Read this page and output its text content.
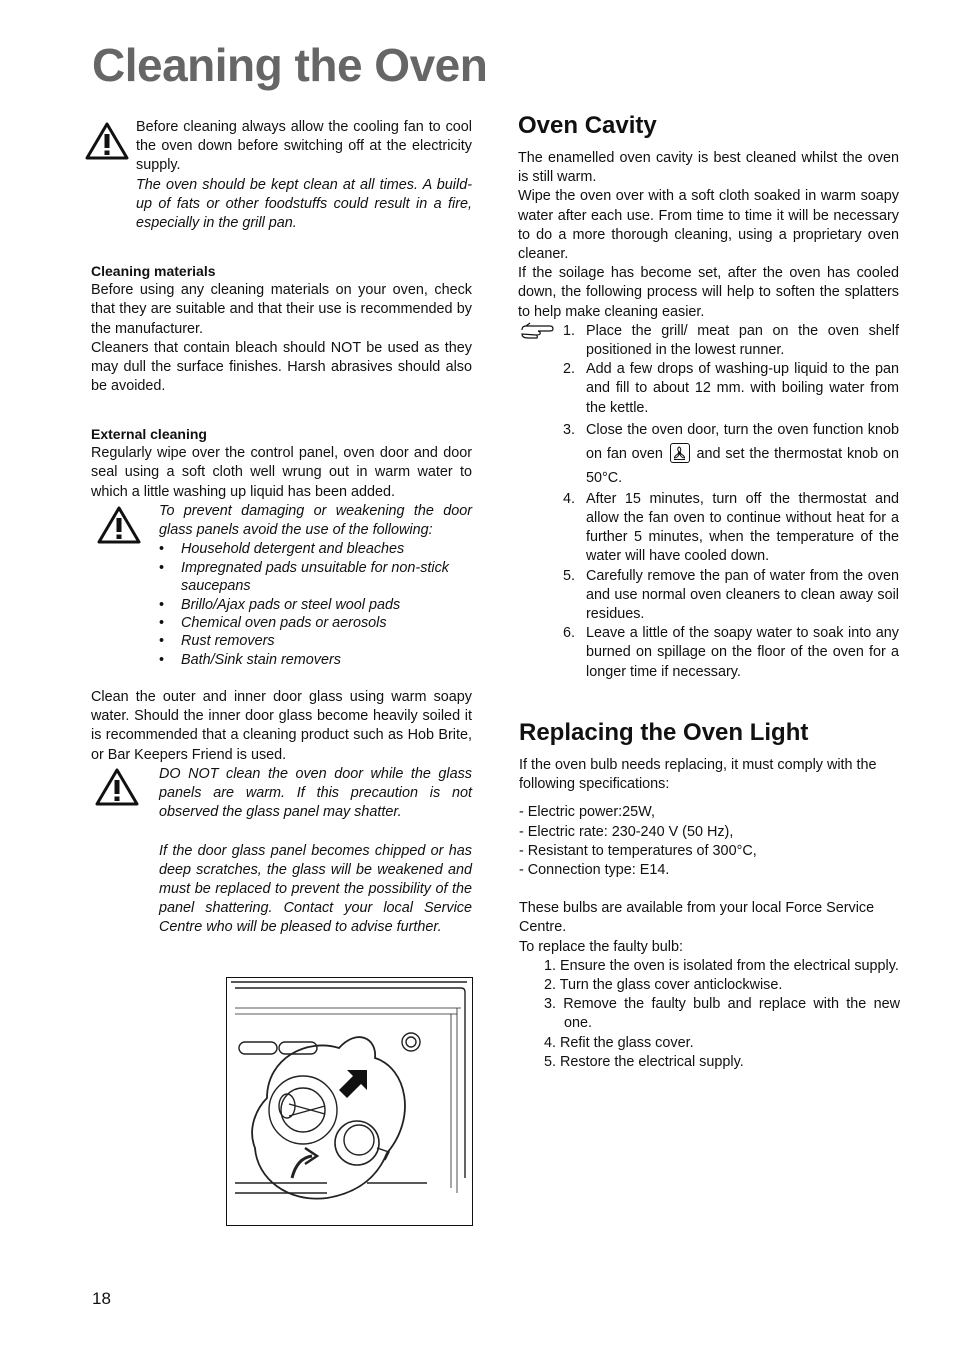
Cleaning the Oven

Before cleaning always allow the cooling fan to cool the oven down before switching off at the electricity supply.

The oven should be kept clean at all times. A build-up of fats or other foodstuffs could result in a fire, especially in the grill pan.

Cleaning materials

Before using any cleaning materials on your oven, check that they are suitable and that their use is recommended by the manufacturer.

Cleaners that contain bleach should NOT be used as they may dull the surface finishes. Harsh abrasives should also be avoided.

External cleaning

Regularly wipe over the control panel, oven door and door seal using a soft cloth well wrung out in warm water to which a little washing up liquid has been added.

To prevent damaging or weakening the door glass panels avoid the use of the following:

• Household detergent and bleaches
• Impregnated pads unsuitable for non-stick saucepans
• Brillo/Ajax pads or steel wool pads
• Chemical oven pads or aerosols
• Rust removers
• Bath/Sink stain removers

Clean the outer and inner door glass using warm soapy water. Should the inner door glass become heavily soiled it is recommended that a cleaning product such as Hob Brite, or Bar Keepers Friend is used.

DO NOT clean the oven door while the glass panels are warm. If this precaution is not observed the glass panel may shatter.

If the door glass panel becomes chipped or has deep scratches, the glass will be weakened and must be replaced to prevent the possibility of the panel shattering. Contact your local Service Centre who will be pleased to advise further.

18
Oven Cavity

The enamelled oven cavity is best cleaned whilst the oven is still warm.

Wipe the oven over with a soft cloth soaked in warm soapy water after each use. From time to time it will be necessary to do a more thorough cleaning, using a proprietary oven cleaner.

If the soilage has become set, after the oven has cooled down, the following process will help to soften the splatters to help make cleaning easier.

1. Place the grill/ meat pan on the oven shelf positioned in the lowest runner.
2. Add a few drops of washing-up liquid to the pan and fill to about 12 mm. with boiling water from the kettle.
3. Close the oven door, turn the oven function knob on fan oven and set the thermostat knob on 50°C.
4. After 15 minutes, turn off the thermostat and allow the fan oven to continue without heat for a further 5 minutes, when the temperature of the water will have cooled down.
5. Carefully remove the pan of water from the oven and use normal oven cleaners to clean away soil residues.
6. Leave a little of the soapy water to soak into any burned on spillage on the floor of the oven for a longer time if necessary.
Replacing the Oven Light

If the oven bulb needs replacing, it must comply with the following specifications:

- Electric power:25W,

- Electric rate: 230-240 V (50 Hz),

- Resistant to temperatures of 300°C,

- Connection type: E14.

These bulbs are available from your local Force Service Centre.

To replace the faulty bulb:

1. Ensure the oven is isolated from the electrical supply.
2. Turn the glass cover anticlockwise.
3. Remove the faulty bulb and replace with the new one.
4. Refit the glass cover.
5. Restore the electrical supply.
